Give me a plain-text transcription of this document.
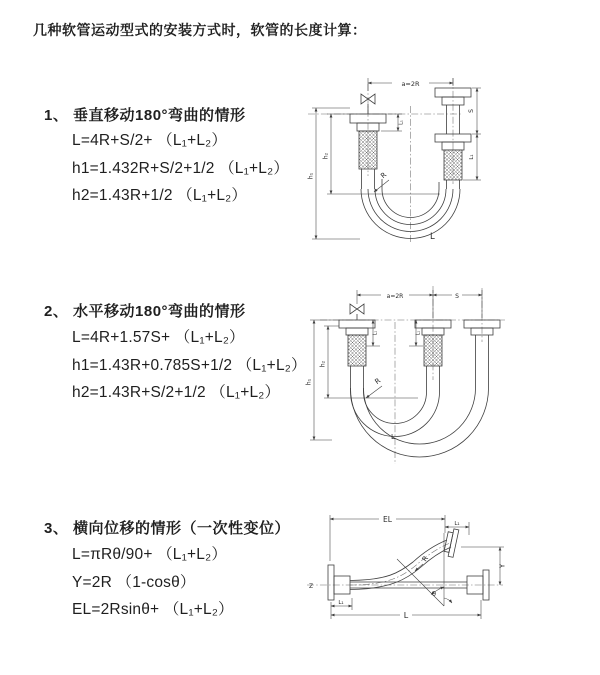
几种软管运动型式的安装方式时，软管的长度计算：
1、 垂直移动180°弯曲的情形
L=4R+S/2+ （L₁+L₂）
h1=1.432R+S/2+1/2 （L₁+L₂）
h2=1.43R+1/2 （L₁+L₂）
2、 水平移动180°弯曲的情形
L=4R+1.57S+ （L₁+L₂）
h1=1.43R+0.785S+1/2 （L₁+L₂）
h2=1.43R+S/2+1/2 （L₁+L₂）
3、 横向位移的情形（一次性变位）
L=πRθ/90+ （L₁+L₂）
Y=2R （1-cosθ）
EL=2Rsinθ+ （L₁+L₂）
a=2R
S
L₁
h₁
h₂
L₁
R
L
a=2R	S
L₁	L₁
h₁
h₂
R
L
EL	L₁
Y
θ
R
L
L₁
Z
